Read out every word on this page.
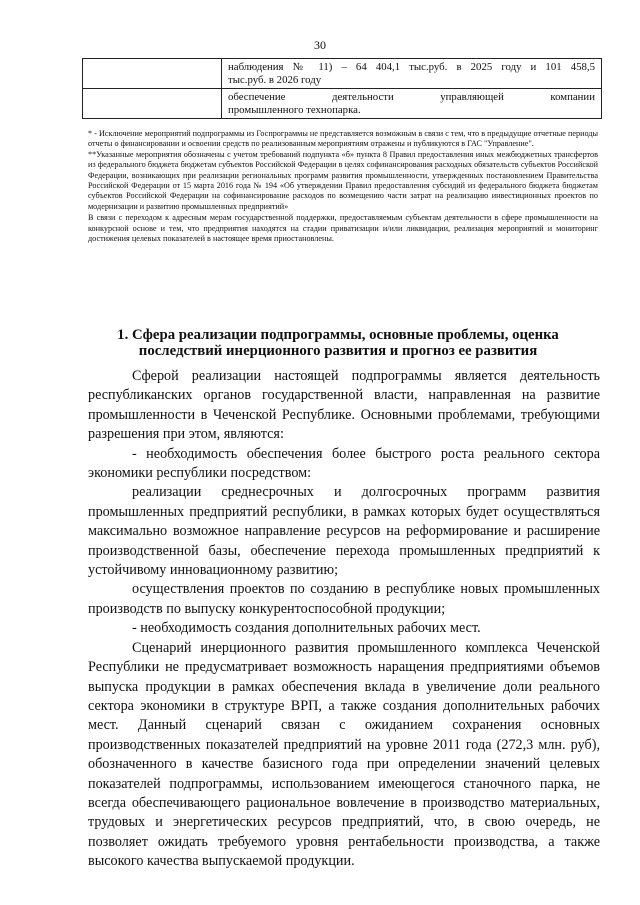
30

	наблюдения № 11) – 64 404,1 тыс.руб. в 2025 году и 101 458,5
тыс.руб. в 2026 году

	обеспечение деятельности управляющей компании
промышленного технопарка.

* - Исключение мероприятий подпрограммы из Госпрограммы не представляется возможным в связи с тем, что в предыдущие отчетные периоды отчеты о финансировании и освоении средств по реализованным мероприятиям отражены и публикуются в ГАС "Управление".

**Указанные мероприятия обозначены с учетом требований подпункта «б» пункта 8 Правил предоставления иных межбюджетных трансфертов из федерального бюджета бюджетам субъектов Российской Федерации в целях софинансирования расходных обязательств субъектов Российской Федерации, возникающих при реализации региональных программ развития промышленности, утвержденных постановлением Правительства Российской Федерации от 15 марта 2016 года № 194 «Об утверждении Правил предоставления субсидий из федерального бюджета бюджетам субъектов Российской Федерации на софинансирование расходов по возмещению части затрат на реализацию инвестиционных проектов по модернизации и развитию промышленных предприятий»

В связи с переходом к адресным мерам государственной поддержки, предоставляемым субъектам деятельности в сфере промышленности на конкурсной основе и тем, что предприятия находятся на стадии приватизации и/или ликвидации, реализация мероприятий и мониторинг достижения целевых показателей в настоящее время приостановлены.

1. Сфера реализации подпрограммы, основные проблемы, оценка
последствий инерционного развития и прогноз ее развития

Сферой реализации настоящей подпрограммы является деятельность республиканских органов государственной власти, направленная на развитие промышленности в Чеченской Республике. Основными проблемами, требующими разрешения при этом, являются:

- необходимость обеспечения более быстрого роста реального сектора экономики республики посредством:

реализации среднесрочных и долгосрочных программ развития промышленных предприятий республики, в рамках которых будет осуществляться максимально возможное направление ресурсов на реформирование и расширение производственной базы, обеспечение перехода промышленных предприятий к устойчивому инновационному развитию;

осуществления проектов по созданию в республике новых промышленных производств по выпуску конкурентоспособной продукции;

- необходимость создания дополнительных рабочих мест.

Сценарий инерционного развития промышленного комплекса Чеченской Республики не предусматривает возможность наращения предприятиями объемов выпуска продукции в рамках обеспечения вклада в увеличение доли реального сектора экономики в структуре ВРП, а также создания дополнительных рабочих мест. Данный сценарий связан с ожиданием сохранения основных производственных показателей предприятий на уровне 2011 года (272,3 млн. руб), обозначенного в качестве базисного года при определении значений целевых показателей подпрограммы, использованием имеющегося станочного парка, не всегда обеспечивающего рациональное вовлечение в производство материальных, трудовых и энергетических ресурсов предприятий, что, в свою очередь, не позволяет ожидать требуемого уровня рентабельности производства, а также высокого качества выпускаемой продукции.
